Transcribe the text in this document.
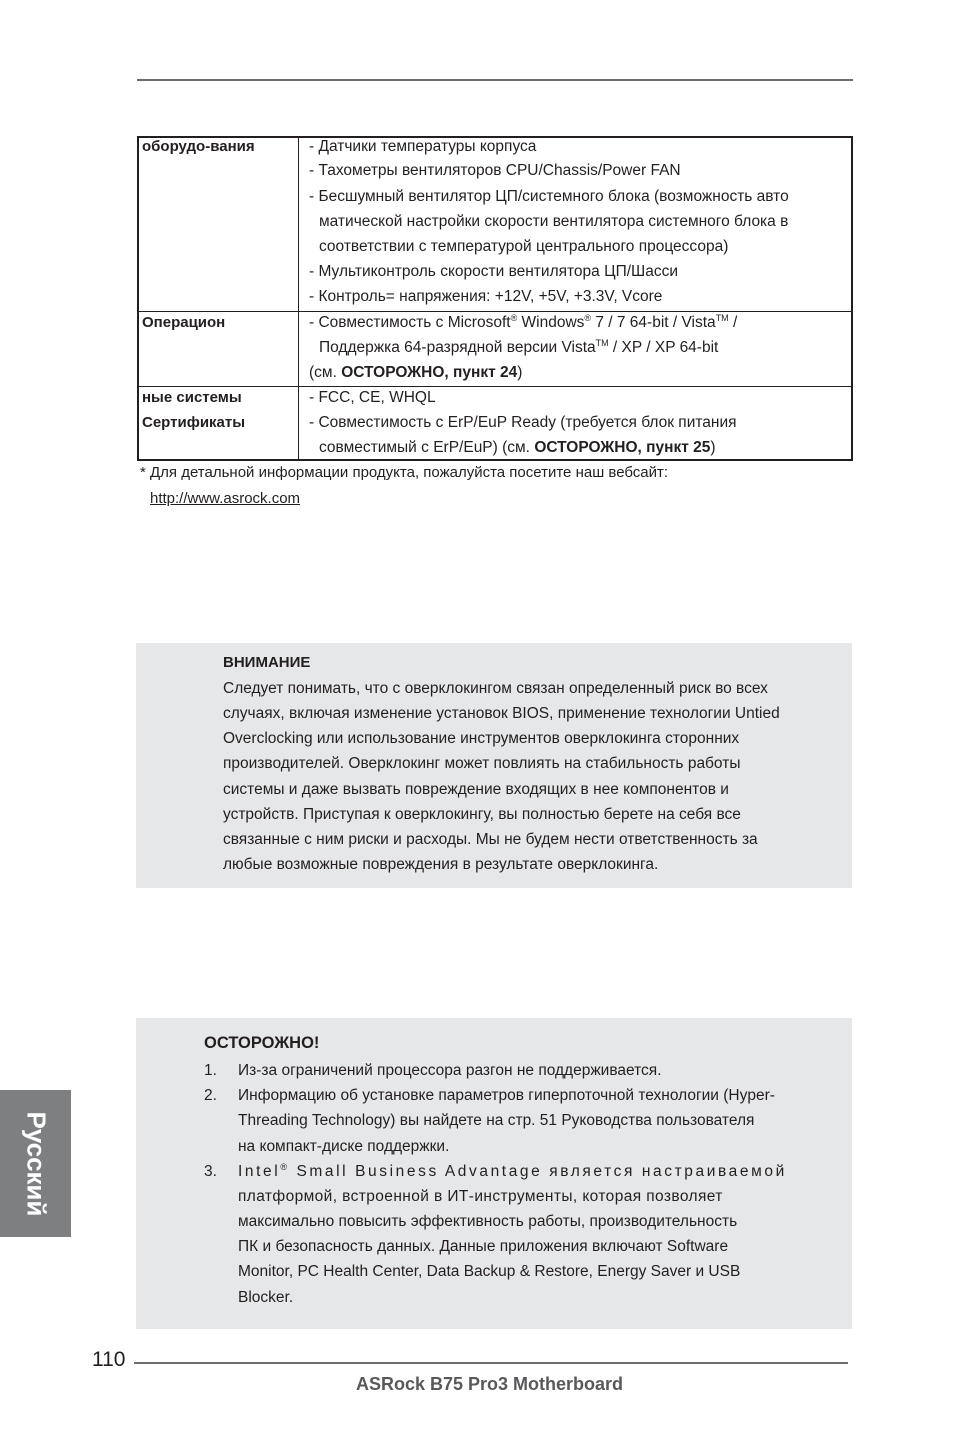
оборудо-вания	- Датчики температуры корпуса
- Тахометры вентиляторов CPU/Chassis/Power FAN
- Бесшумный вентилятор ЦП/системного блока (возможность авто
матической настройки скорости вентилятора системного блока в
соответствии с температурой центрального процессора)
- Мультиконтроль скорости вентилятора ЦП/Шасси
- Контроль= напряжения: +12V, +5V, +3.3V, Vcore
Операцион	- Совместимость с Microsoft® Windows® 7 / 7 64-bit / Vista™ /
Поддержка 64-разрядной версии Vista™ / XP / XP 64-bit
(см. ОСТОРОЖНО, пункт 24)
ные системы
Сертификаты
- FCC, CE, WHQL
- Совместимость с ErP/EuP Ready (требуется блок питания
совместимый с ErP/EuP) (см. ОСТОРОЖНО, пункт 25)
* Для детальной информации продукта, пожалуйста посетите наш вебсайт:
http://www.asrock.com
ВНИМАНИЕ
Следует понимать, что с оверклокингом связан определенный риск во всех
случаях, включая изменение установок BIOS, применение технологии Untied
Overclocking или использование инструментов оверклокинга сторонних
производителей. Оверклокинг может повлиять на стабильность работы
системы и даже вызвать повреждение входящих в нее компонентов и
устройств. Приступая к оверклокингу, вы полностью берете на себя все
связанные с ним риски и расходы. Мы не будем нести ответственность за
любые возможные повреждения в результате оверклокинга.
ОСТОРОЖНО!
1. Из-за ограничений процессора разгон не поддерживается.
2. Информацию об установке параметров гиперпоточной технологии (Hyper-
Threading Technology) вы найдете на стр. 51 Руководства пользователя
на компакт-диске поддержки.
3. Intel® Small Business Advantage является настраиваемой
платформой, встроенной в ИТ-инструменты, которая позволяет
максимально повысить эффективность работы, производительность
ПК и безопасность данных. Данные приложения включают Software
Monitor, PC Health Center, Data Backup & Restore, Energy Saver и USB
Blocker.
Русский
110
ASRock B75 Pro3 Motherboard
